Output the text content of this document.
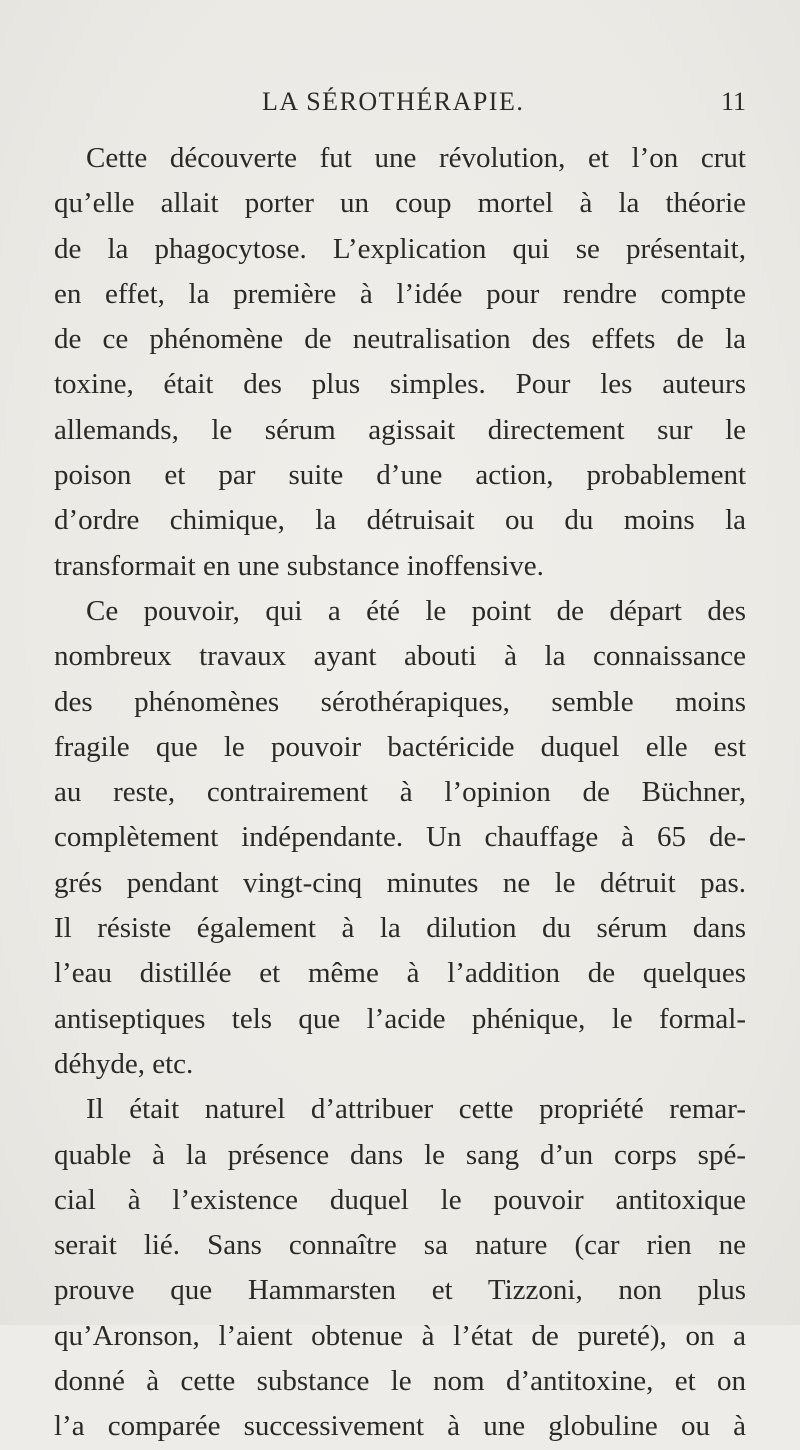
LA SÉROTHÉRAPIE.	11
Cette découverte fut une révolution, et l’on crut
qu’elle allait porter un coup mortel à la théorie
de la phagocytose. L’explication qui se présentait,
en effet, la première à l’idée pour rendre compte
de ce phénomène de neutralisation des effets de la
toxine, était des plus simples. Pour les auteurs
allemands, le sérum agissait directement sur le
poison et par suite d’une action, probablement
d’ordre chimique, la détruisait ou du moins la
transformait en une substance inoffensive.
Ce pouvoir, qui a été le point de départ des
nombreux travaux ayant abouti à la connaissance
des phénomènes sérothérapiques, semble moins
fragile que le pouvoir bactéricide duquel elle est
au reste, contrairement à l’opinion de Büchner,
complètement indépendante. Un chauffage à 65 de-
grés pendant vingt-cinq minutes ne le détruit pas.
Il résiste également à la dilution du sérum dans
l’eau distillée et même à l’addition de quelques
antiseptiques tels que l’acide phénique, le formal-
déhyde, etc.
Il était naturel d’attribuer cette propriété remar-
quable à la présence dans le sang d’un corps spé-
cial à l’existence duquel le pouvoir antitoxique
serait lié. Sans connaître sa nature (car rien ne
prouve que Hammarsten et Tizzoni, non plus
qu’Aronson, l’aient obtenue à l’état de pureté), on a
donné à cette substance le nom d’antitoxine, et on
l’a comparée successivement à une globuline ou à
